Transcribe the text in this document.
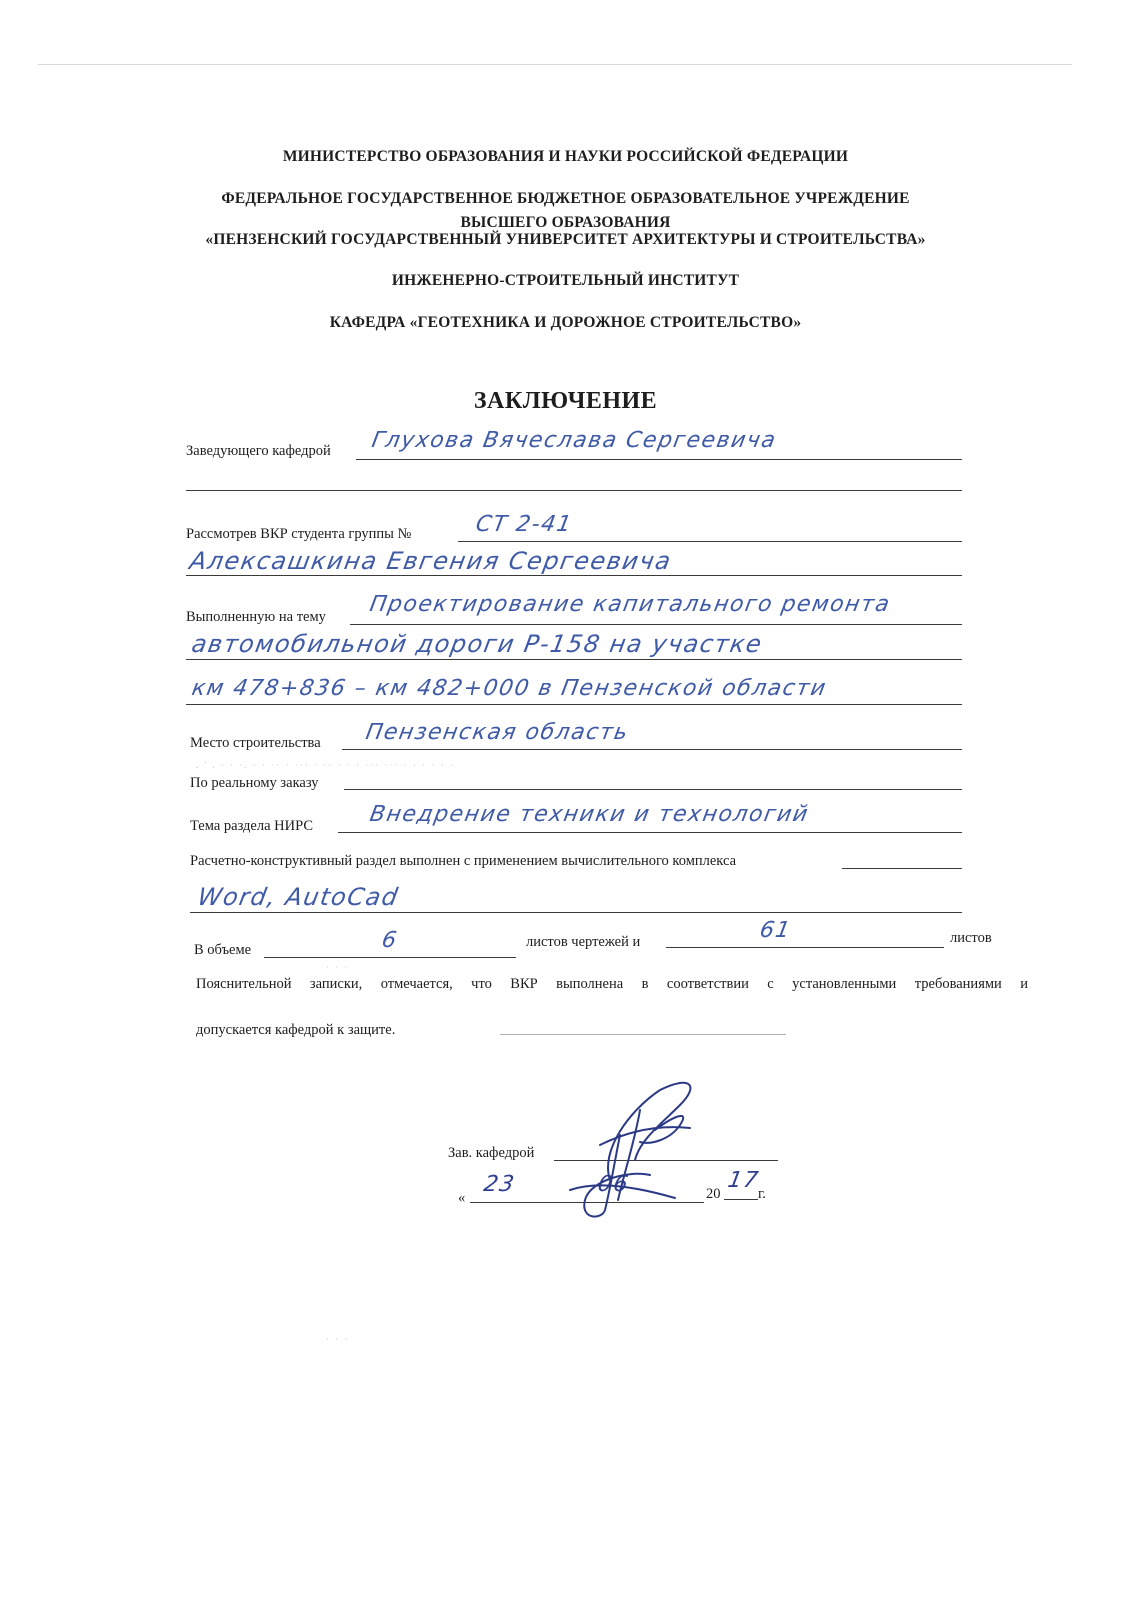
МИНИСТЕРСТВО ОБРАЗОВАНИЯ И НАУКИ РОССИЙСКОЙ ФЕДЕРАЦИИ
ФЕДЕРАЛЬНОЕ ГОСУДАРСТВЕННОЕ БЮДЖЕТНОЕ ОБРАЗОВАТЕЛЬНОЕ УЧРЕЖДЕНИЕ
ВЫСШЕГО ОБРАЗОВАНИЯ
«ПЕНЗЕНСКИЙ ГОСУДАРСТВЕННЫЙ УНИВЕРСИТЕТ АРХИТЕКТУРЫ И СТРОИТЕЛЬСТВА»
ИНЖЕНЕРНО-СТРОИТЕЛЬНЫЙ ИНСТИТУТ
КАФЕДРА «ГЕОТЕХНИКА И ДОРОЖНОЕ СТРОИТЕЛЬСТВО»
ЗАКЛЮЧЕНИЕ
Заведующего кафедрой Глухова Вячеслава Сергеевича
Рассмотрев ВКР студента группы №	СТ 2-41
Алексашкина Евгения Сергеевича
Выполненную на тему Проектирование капитального ремонта
автомобильной дороги Р-158 на участке
км 478+836 – км 482+000 в Пензенской области
Место строительства Пензенская область
. ' . · · ·. · · ·· · ··· · ·· · · · ··· ··· · · · · · ·
По реальному заказу
Тема раздела НИРС Внедрение техники и технологий
Расчетно-конструктивный раздел выполнен с применением вычислительного комплекса
Word, AutoCad
В объеме	6	листов чертежей и	61	листов
Пояснительной записки, отмечается, что ВКР выполнена в соответствии с установленными требованиями и
допускается кафедрой к защите.
Зав. кафедрой
«
23	06	20
17
г.
· · ·
· · ·
